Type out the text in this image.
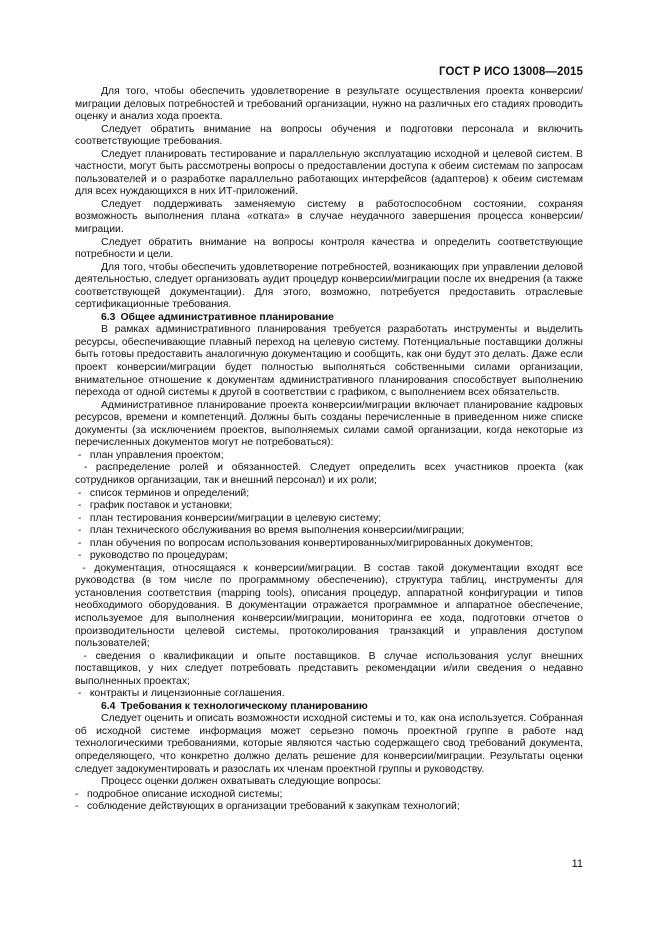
ГОСТ Р ИСО 13008—2015

Для того, чтобы обеспечить удовлетворение в результате осуществления проекта конверсии/миграции деловых потребностей и требований организации, нужно на различных его стадиях проводить оценку и анализ хода проекта.

Следует обратить внимание на вопросы обучения и подготовки персонала и включить соответствующие требования.

Следует планировать тестирование и параллельную эксплуатацию исходной и целевой систем. В частности, могут быть рассмотрены вопросы о предоставлении доступа к обеим системам по запросам пользователей и о разработке параллельно работающих интерфейсов (адаптеров) к обеим системам для всех нуждающихся в них ИТ-приложений.

Следует поддерживать заменяемую систему в работоспособном состоянии, сохраняя возможность выполнения плана «отката» в случае неудачного завершения процесса конверсии/миграции.

Следует обратить внимание на вопросы контроля качества и определить соответствующие потребности и цели.

Для того, чтобы обеспечить удовлетворение потребностей, возникающих при управлении деловой деятельностью, следует организовать аудит процедур конверсии/миграции после их внедрения (а также соответствующей документации). Для этого, возможно, потребуется предоставить отраслевые сертификационные требования.

6.3 Общее административное планирование

В рамках административного планирования требуется разработать инструменты и выделить ресурсы, обеспечивающие плавный переход на целевую систему. Потенциальные поставщики должны быть готовы предоставить аналогичную документацию и сообщить, как они будут это делать. Даже если проект конверсии/миграции будет полностью выполняться собственными силами организации, внимательное отношение к документам административного планирования способствует выполнению перехода от одной системы к другой в соответствии с графиком, с выполнением всех обязательств.

Административное планирование проекта конверсии/миграции включает планирование кадровых ресурсов, времени и компетенций. Должны быть созданы перечисленные в приведенном ниже списке документы (за исключением проектов, выполняемых силами самой организации, когда некоторые из перечисленных документов могут не потребоваться):

- план управления проектом;
- распределение ролей и обязанностей. Следует определить всех участников проекта (как сотрудников организации, так и внешний персонал) и их роли;
- список терминов и определений;
- график поставок и установки;
- план тестирования конверсии/миграции в целевую систему;
- план технического обслуживания во время выполнения конверсии/миграции;
- план обучения по вопросам использования конвертированных/мигрированных документов;
- руководство по процедурам;
- документация, относящаяся к конверсии/миграции. В состав такой документации входят все руководства (в том числе по программному обеспечению), структура таблиц, инструменты для установления соответствия (mapping tools), описания процедур, аппаратной конфигурации и типов необходимого оборудования. В документации отражается программное и аппаратное обеспечение, используемое для выполнения конверсии/миграции, мониторинга ее хода, подготовки отчетов о производительности целевой системы, протоколирования транзакций и управления доступом пользователей;
- сведения о квалификации и опыте поставщиков. В случае использования услуг внешних поставщиков, у них следует потребовать представить рекомендации и/или сведения о недавно выполненных проектах;
- контракты и лицензионные соглашения.
6.4 Требования к технологическому планированию

Следует оценить и описать возможности исходной системы и то, как она используется. Собранная об исходной системе информация может серьезно помочь проектной группе в работе над технологическими требованиями, которые являются частью содержащего свод требований документа, определяющего, что конкретно должно делать решение для конверсии/миграции. Результаты оценки следует задокументировать и разослать их членам проектной группы и руководству.

Процесс оценки должен охватывать следующие вопросы:

- подробное описание исходной системы;
- соблюдение действующих в организации требований к закупкам технологий;
11
